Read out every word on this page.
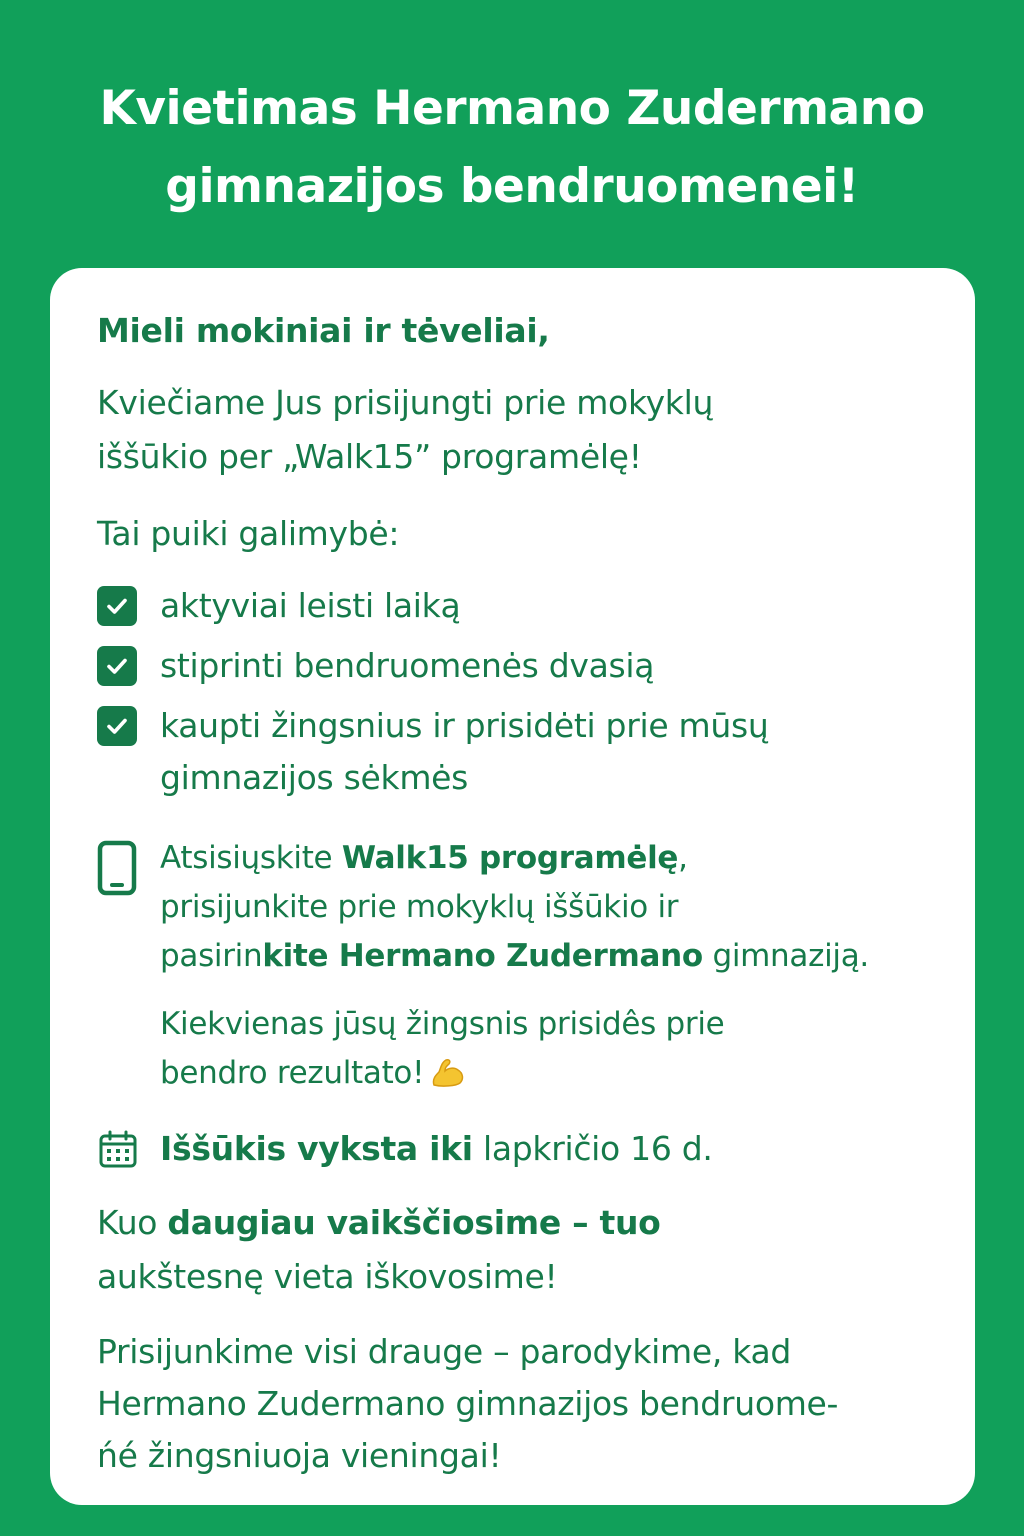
Kvietimas Hermano Zudermano
gimnazijos bendruomenei!
Mieli mokiniai ir tėveliai,
Kviečiame Jus prisijungti prie mokyklų
iššūkio per „Walk15” programėlę!
Tai puiki galimybė:
aktyviai leisti laiką
stiprinti bendruomenės dvasią
kaupti žingsnius ir prisidėti prie mūsų
gimnazijos sėkmės
Atsisiųskite Walk15 programėlę,
prisijunkite prie mokyklų iššūkio ir
pasirinkite Hermano Zudermano gimnaziją.
Kiekvienas jūsų žingsnis prisidês prie
bendro rezultato!
Iššūkis vyksta iki lapkričio 16 d.
Kuo daugiau vaikščiosime – tuo
aukštesnę vieta iškovosime!
Prisijunkime visi drauge – parodykime, kad
Hermano Zudermano gimnazijos bendruome-
ńé žingsniuoja vieningai!
